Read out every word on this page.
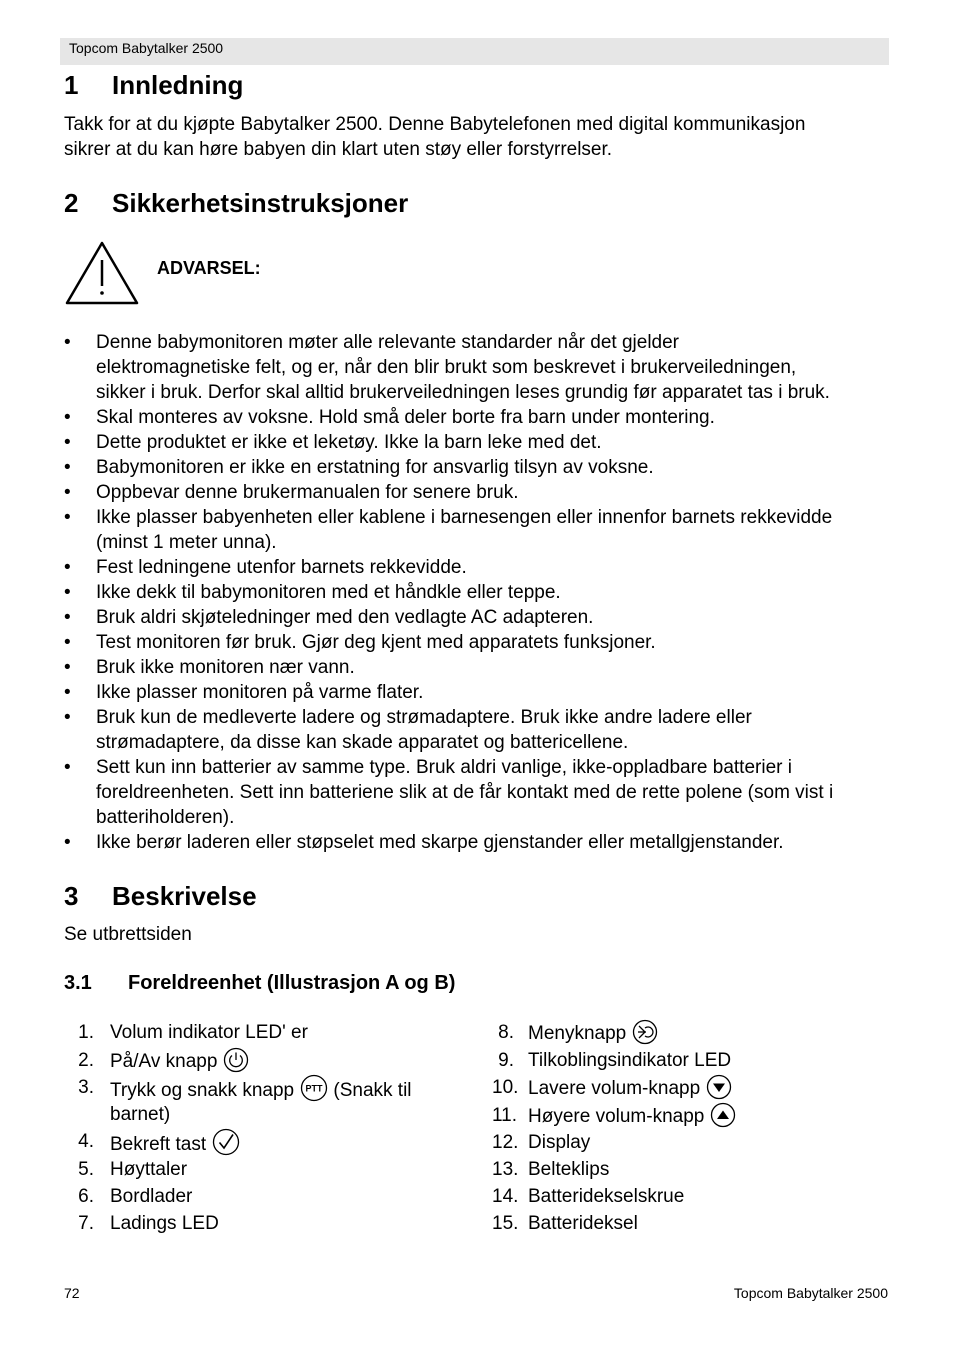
Topcom Babytalker 2500
1 Innledning
Takk for at du kjøpte Babytalker 2500. Denne Babytelefonen med digital kommunikasjon
sikrer at du kan høre babyen din klart uten støy eller forstyrrelser.
2 Sikkerhetsinstruksjoner
ADVARSEL:
• Denne babymonitoren møter alle relevante standarder når det gjelder
elektromagnetiske felt, og er, når den blir brukt som beskrevet i brukerveiledningen,
sikker i bruk. Derfor skal alltid brukerveiledningen leses grundig før apparatet tas i bruk.
• Skal monteres av voksne. Hold små deler borte fra barn under montering.
• Dette produktet er ikke et leketøy. Ikke la barn leke med det.
• Babymonitoren er ikke en erstatning for ansvarlig tilsyn av voksne.
• Oppbevar denne brukermanualen for senere bruk.
• Ikke plasser babyenheten eller kablene i barnesengen eller innenfor barnets rekkevidde
(minst 1 meter unna).
• Fest ledningene utenfor barnets rekkevidde.
• Ikke dekk til babymonitoren med et håndkle eller teppe.
• Bruk aldri skjøteledninger med den vedlagte AC adapteren.
• Test monitoren før bruk. Gjør deg kjent med apparatets funksjoner.
• Bruk ikke monitoren nær vann.
• Ikke plasser monitoren på varme flater.
• Bruk kun de medleverte ladere og strømadaptere. Bruk ikke andre ladere eller
strømadaptere, da disse kan skade apparatet og battericellene.
• Sett kun inn batterier av samme type. Bruk aldri vanlige, ikke-oppladbare batterier i
foreldreenheten. Sett inn batteriene slik at de får kontakt med de rette polene (som vist i
batteriholderen).
• Ikke berør laderen eller støpselet med skarpe gjenstander eller metallgjenstander.
3 Beskrivelse
Se utbrettsiden
3.1 Foreldreenhet (Illustrasjon A og B)
1. Volum indikator LED' er
2. På/Av knapp
3. Trykk og snakk knapp PTT (Snakk til
barnet)
4. Bekreft tast
5. Høyttaler
6. Bordlader
7. Ladings LED
8. Menyknapp
9. Tilkoblingsindikator LED
10. Lavere volum-knapp
11. Høyere volum-knapp
12. Display
13. Belteklips
14. Batteridekselskrue
15. Batterideksel
72	Topcom Babytalker 2500
